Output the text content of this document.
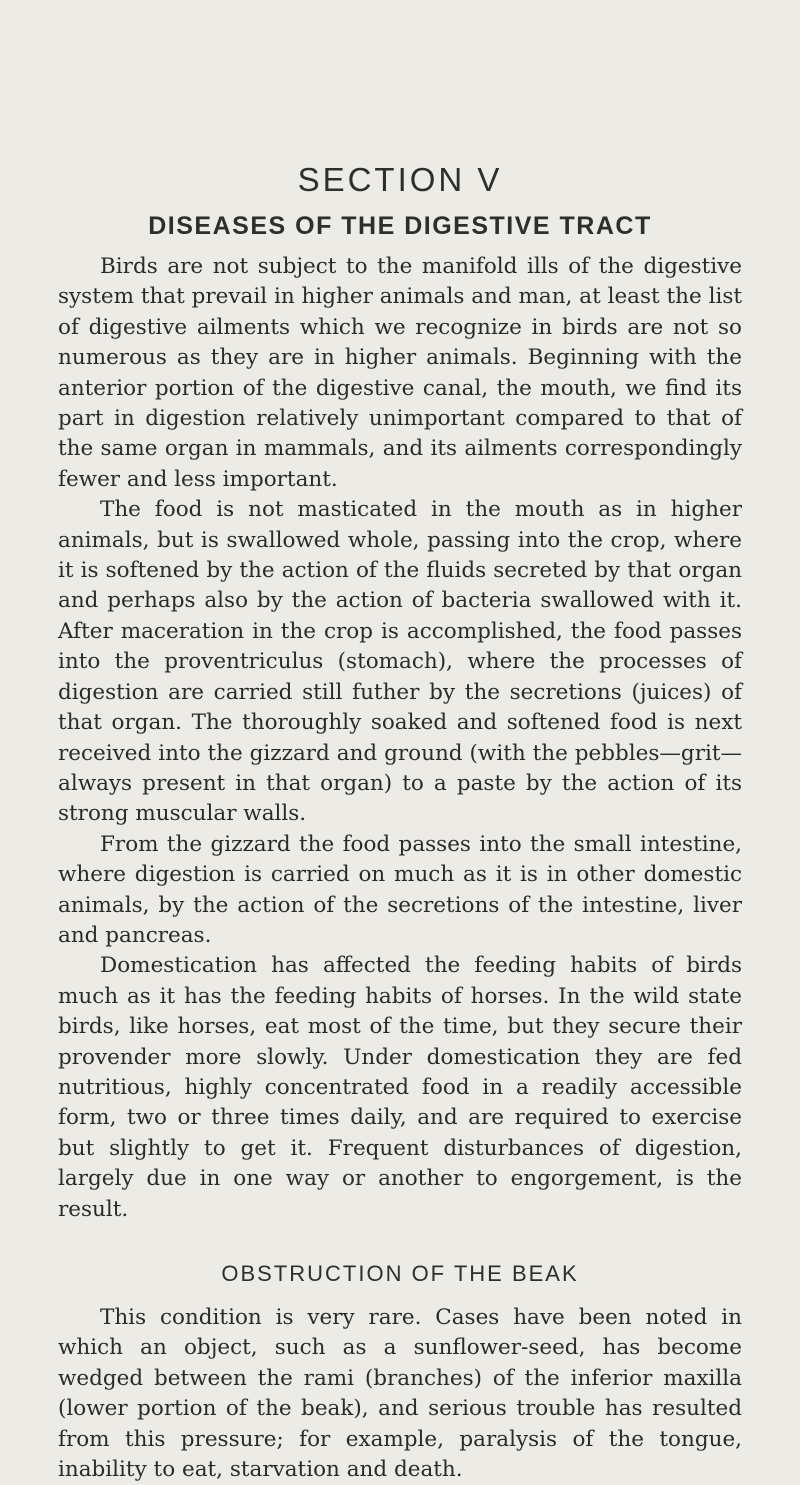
SECTION V
DISEASES OF THE DIGESTIVE TRACT

Birds are not subject to the manifold ills of the digestive system that prevail in higher animals and man, at least the list of digestive ailments which we recognize in birds are not so numerous as they are in higher animals. Beginning with the anterior portion of the digestive canal, the mouth, we find its part in digestion relatively unimportant compared to that of the same organ in mammals, and its ailments correspondingly fewer and less important.

The food is not masticated in the mouth as in higher animals, but is swallowed whole, passing into the crop, where it is softened by the action of the fluids secreted by that organ and perhaps also by the action of bacteria swallowed with it. After maceration in the crop is accomplished, the food passes into the proventriculus (stomach), where the processes of digestion are carried still futher by the secretions (juices) of that organ. The thoroughly soaked and softened food is next received into the gizzard and ground (with the pebbles—grit—always present in that organ) to a paste by the action of its strong muscular walls.

From the gizzard the food passes into the small intestine, where digestion is carried on much as it is in other domestic animals, by the action of the secretions of the intestine, liver and pancreas.

Domestication has affected the feeding habits of birds much as it has the feeding habits of horses. In the wild state birds, like horses, eat most of the time, but they secure their provender more slowly. Under domestication they are fed nutritious, highly concentrated food in a readily accessible form, two or three times daily, and are required to exercise but slightly to get it. Frequent disturbances of digestion, largely due in one way or another to engorgement, is the result.

OBSTRUCTION OF THE BEAK

This condition is very rare. Cases have been noted in which an object, such as a sunflower-seed, has become wedged between the rami (branches) of the inferior maxilla (lower portion of the beak), and serious trouble has resulted from this pressure; for example, paralysis of the tongue, inability to eat, starvation and death.
